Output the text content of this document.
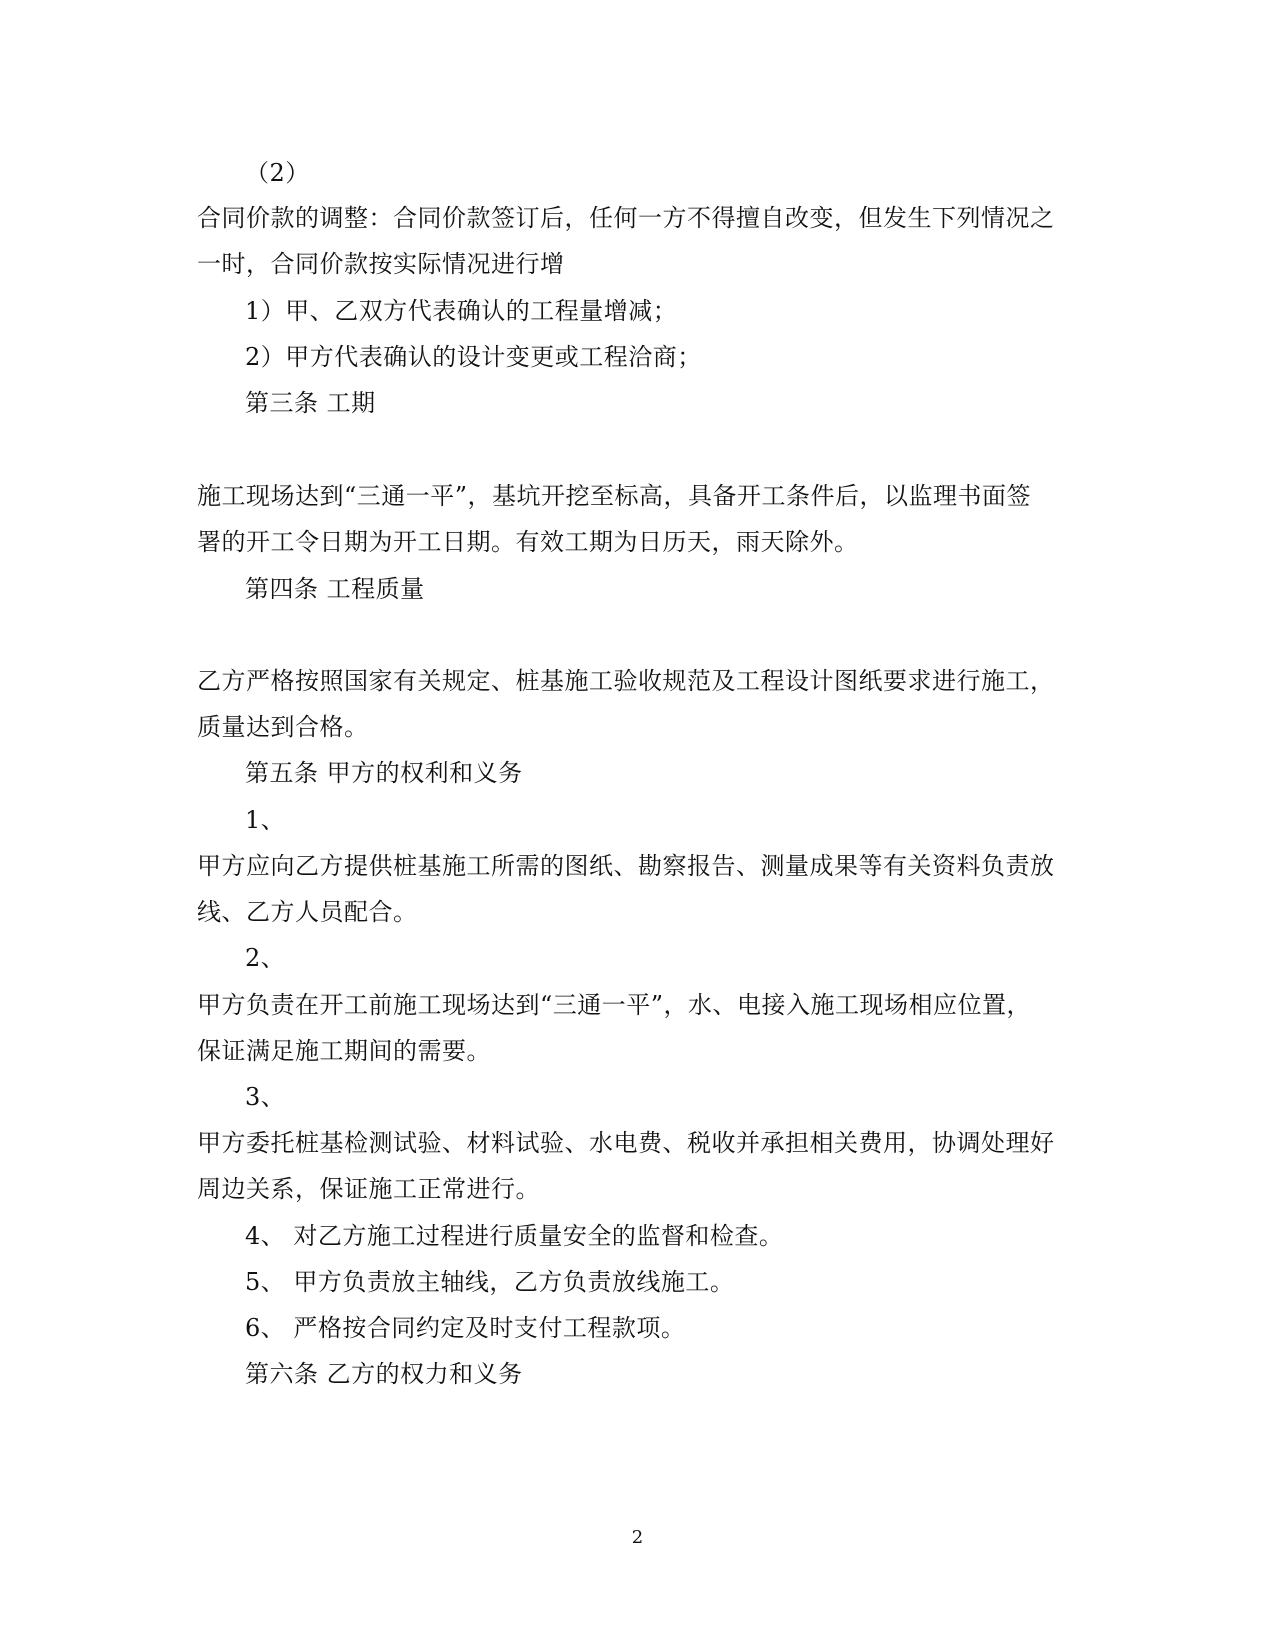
（2）
合同价款的调整：合同价款签订后，任何一方不得擅自改变，但发生下列情况之
一时，合同价款按实际情况进行增
1）甲、乙双方代表确认的工程量增减；
2）甲方代表确认的设计变更或工程洽商；
第三条 工期
施工现场达到“三通一平”，基坑开挖至标高，具备开工条件后，以监理书面签
署的开工令日期为开工日期。有效工期为日历天，雨天除外。
第四条 工程质量
乙方严格按照国家有关规定、桩基施工验收规范及工程设计图纸要求进行施工，
质量达到合格。
第五条 甲方的权利和义务
1、
甲方应向乙方提供桩基施工所需的图纸、勘察报告、测量成果等有关资料负责放
线、乙方人员配合。
2、
甲方负责在开工前施工现场达到“三通一平”，水、电接入施工现场相应位置，
保证满足施工期间的需要。
3、
甲方委托桩基检测试验、材料试验、水电费、税收并承担相关费用，协调处理好
周边关系，保证施工正常进行。
4、 对乙方施工过程进行质量安全的监督和检查。
5、 甲方负责放主轴线，乙方负责放线施工。
6、 严格按合同约定及时支付工程款项。
第六条 乙方的权力和义务
2
